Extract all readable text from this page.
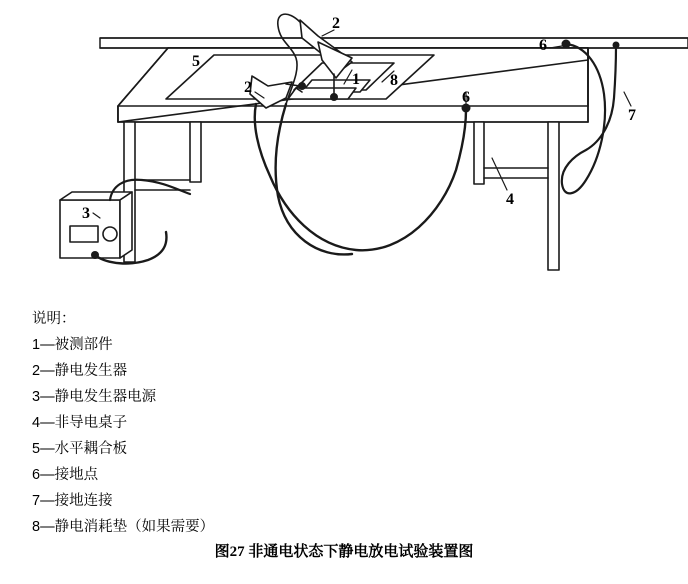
1
2
2
3
4
5
6
6
7
8
说明：
1—被测部件
2—静电发生器
3—静电发生器电源
4—非导电桌子
5—水平耦合板
6—接地点
7—接地连接
8—静电消耗垫（如果需要）
图27 非通电状态下静电放电试验装置图
